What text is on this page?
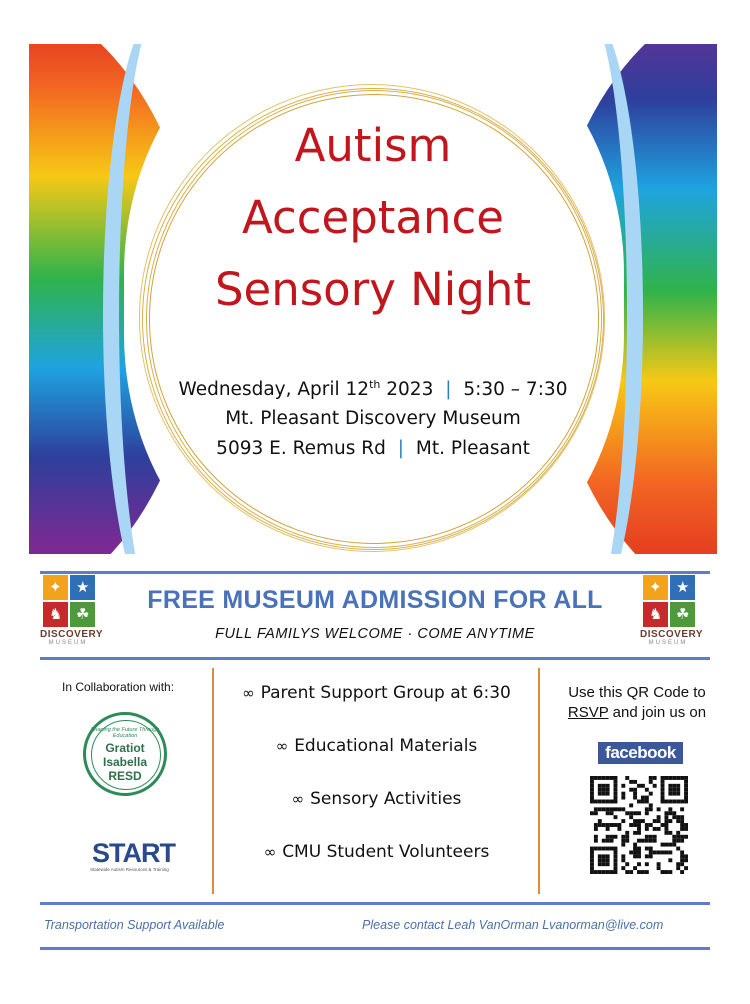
Autism
Acceptance
Sensory Night
Wednesday, April 12th 2023 | 5:30 – 7:30
Mt. Pleasant Discovery Museum
5093 E. Remus Rd | Mt. Pleasant
✦ ★
♞ ☘
DISCOVERY
MUSEUM
✦ ★
♞ ☘
DISCOVERY
MUSEUM
FREE MUSEUM ADMISSION FOR ALL
FULL FAMILYS WELCOME · COME ANYTIME
In Collaboration with:
Shaping the Future Through Education
Gratiot
Isabella
RESD
START
Statewide Autism Resources & Training
∞ Parent Support Group at 6:30
∞ Educational Materials
∞ Sensory Activities
∞ CMU Student Volunteers
Use this QR Code to
RSVP and join us on
facebook
Transportation Support Available	Please contact Leah VanOrman Lvanorman@live.com
